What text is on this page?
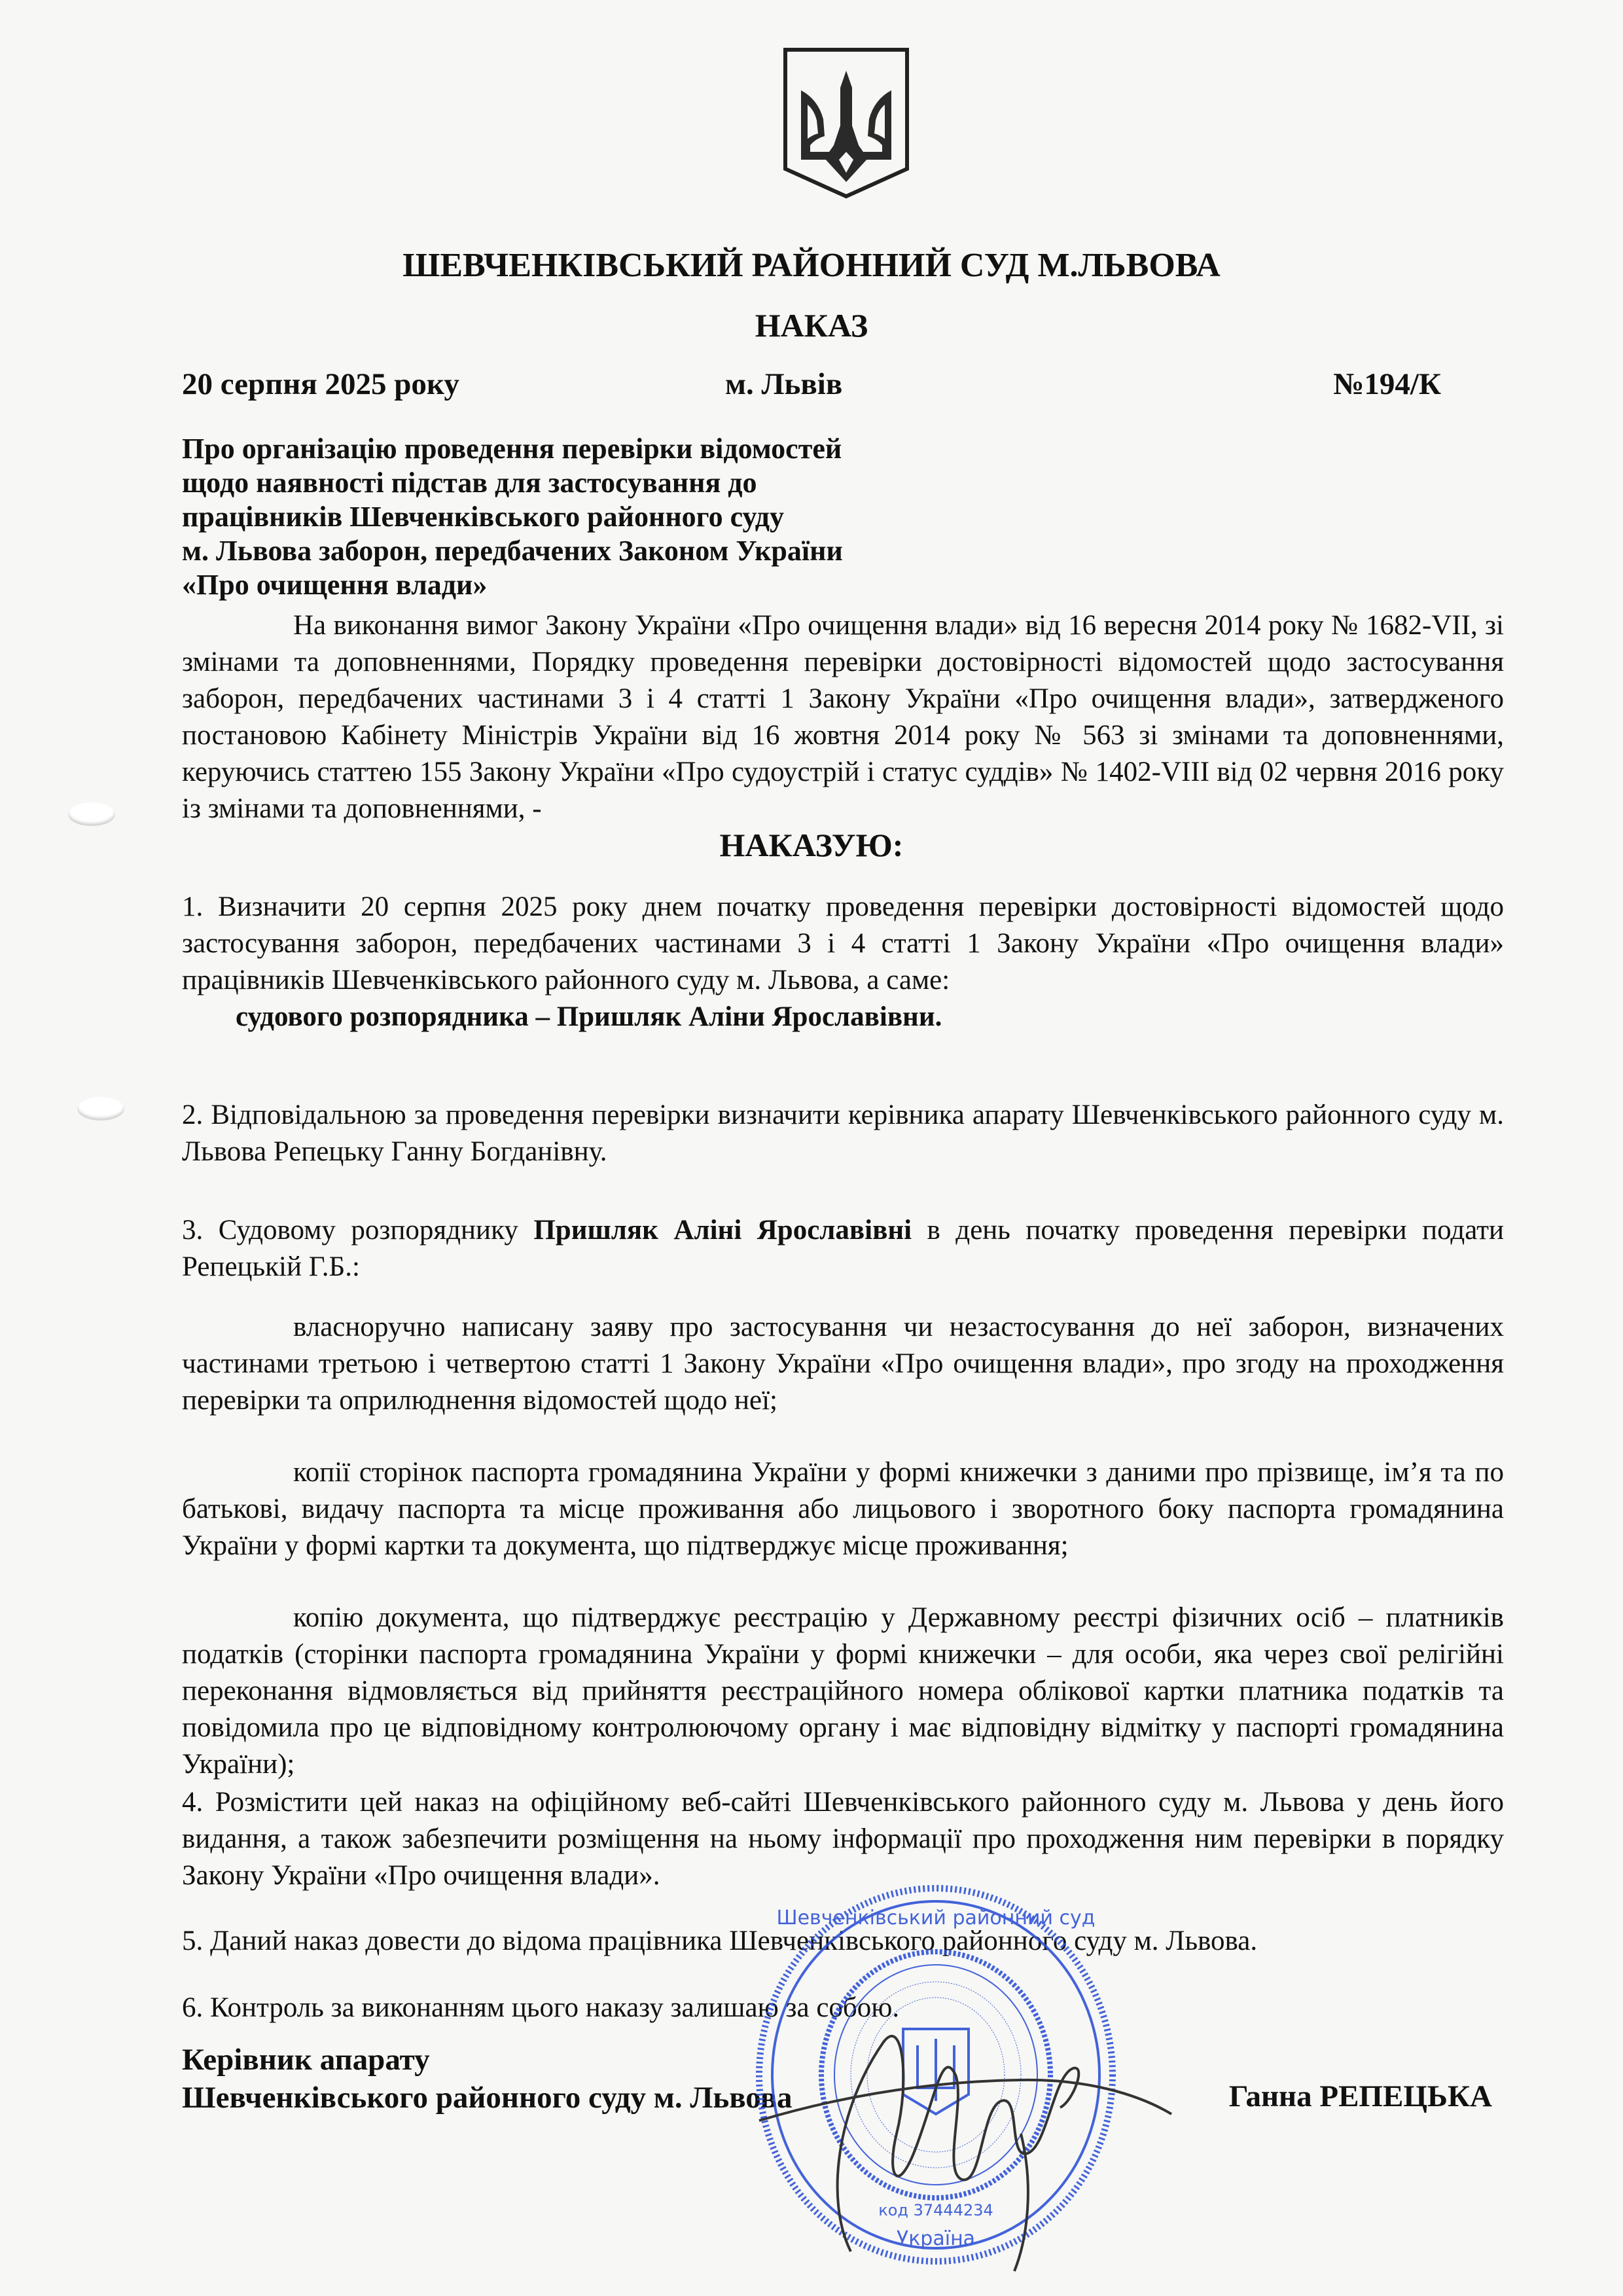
ШЕВЧЕНКІВСЬКИЙ РАЙОННИЙ СУД М.ЛЬВОВА
НАКАЗ
20 серпня 2025 року	м. Львів	№194/К
Про організацію проведення перевірки відомостей
щодо наявності підстав для застосування до
працівників Шевченківського районного суду
м. Львова заборон, передбачених Законом України
«Про очищення влади»
На виконання вимог Закону України «Про очищення влади» від 16 вересня 2014 року № 1682-VII, зі змінами та доповненнями, Порядку проведення перевірки достовірності відомостей щодо застосування заборон, передбачених частинами 3 і 4 статті 1 Закону України «Про очищення влади», затвердженого постановою Кабінету Міністрів України від 16 жовтня 2014 року № 563 зі змінами та доповненнями, керуючись статтею 155 Закону України «Про судоустрій і статус суддів» № 1402-VIII від 02 червня 2016 року із змінами та доповненнями, -
НАКАЗУЮ:
1. Визначити 20 серпня 2025 року днем початку проведення перевірки достовірності відомостей щодо застосування заборон, передбачених частинами 3 і 4 статті 1 Закону України «Про очищення влади» працівників Шевченківського районного суду м. Львова, а саме:
судового розпорядника – Пришляк Аліни Ярославівни.
2. Відповідальною за проведення перевірки визначити керівника апарату Шевченківського районного суду м. Львова Репецьку Ганну Богданівну.
3. Судовому розпоряднику Пришляк Аліні Ярославівні в день початку проведення перевірки подати Репецькій Г.Б.:
власноручно написану заяву про застосування чи незастосування до неї заборон, визначених частинами третьою і четвертою статті 1 Закону України «Про очищення влади», про згоду на проходження перевірки та оприлюднення відомостей щодо неї;
копії сторінок паспорта громадянина України у формі книжечки з даними про прізвище, ім’я та по батькові, видачу паспорта та місце проживання або лицьового і зворотного боку паспорта громадянина України у формі картки та документа, що підтверджує місце проживання;
копію документа, що підтверджує реєстрацію у Державному реєстрі фізичних осіб – платників податків (сторінки паспорта громадянина України у формі книжечки – для особи, яка через свої релігійні переконання відмовляється від прийняття реєстраційного номера облікової картки платника податків та повідомила про це відповідному контролюючому органу і має відповідну відмітку у паспорті громадянина України);
4. Розмістити цей наказ на офіційному веб-сайті Шевченківського районного суду м. Львова у день його видання, а також забезпечити розміщення на ньому інформації про проходження ним перевірки в порядку Закону України «Про очищення влади».
5. Даний наказ довести до відома працівника Шевченківського районного суду м. Львова.
6. Контроль за виконанням цього наказу залишаю за собою.
Керівник апарату
Шевченківського районного суду м. Львова	Ганна РЕПЕЦЬКА
Шевченківський районний суд
Україна
код 37444234
